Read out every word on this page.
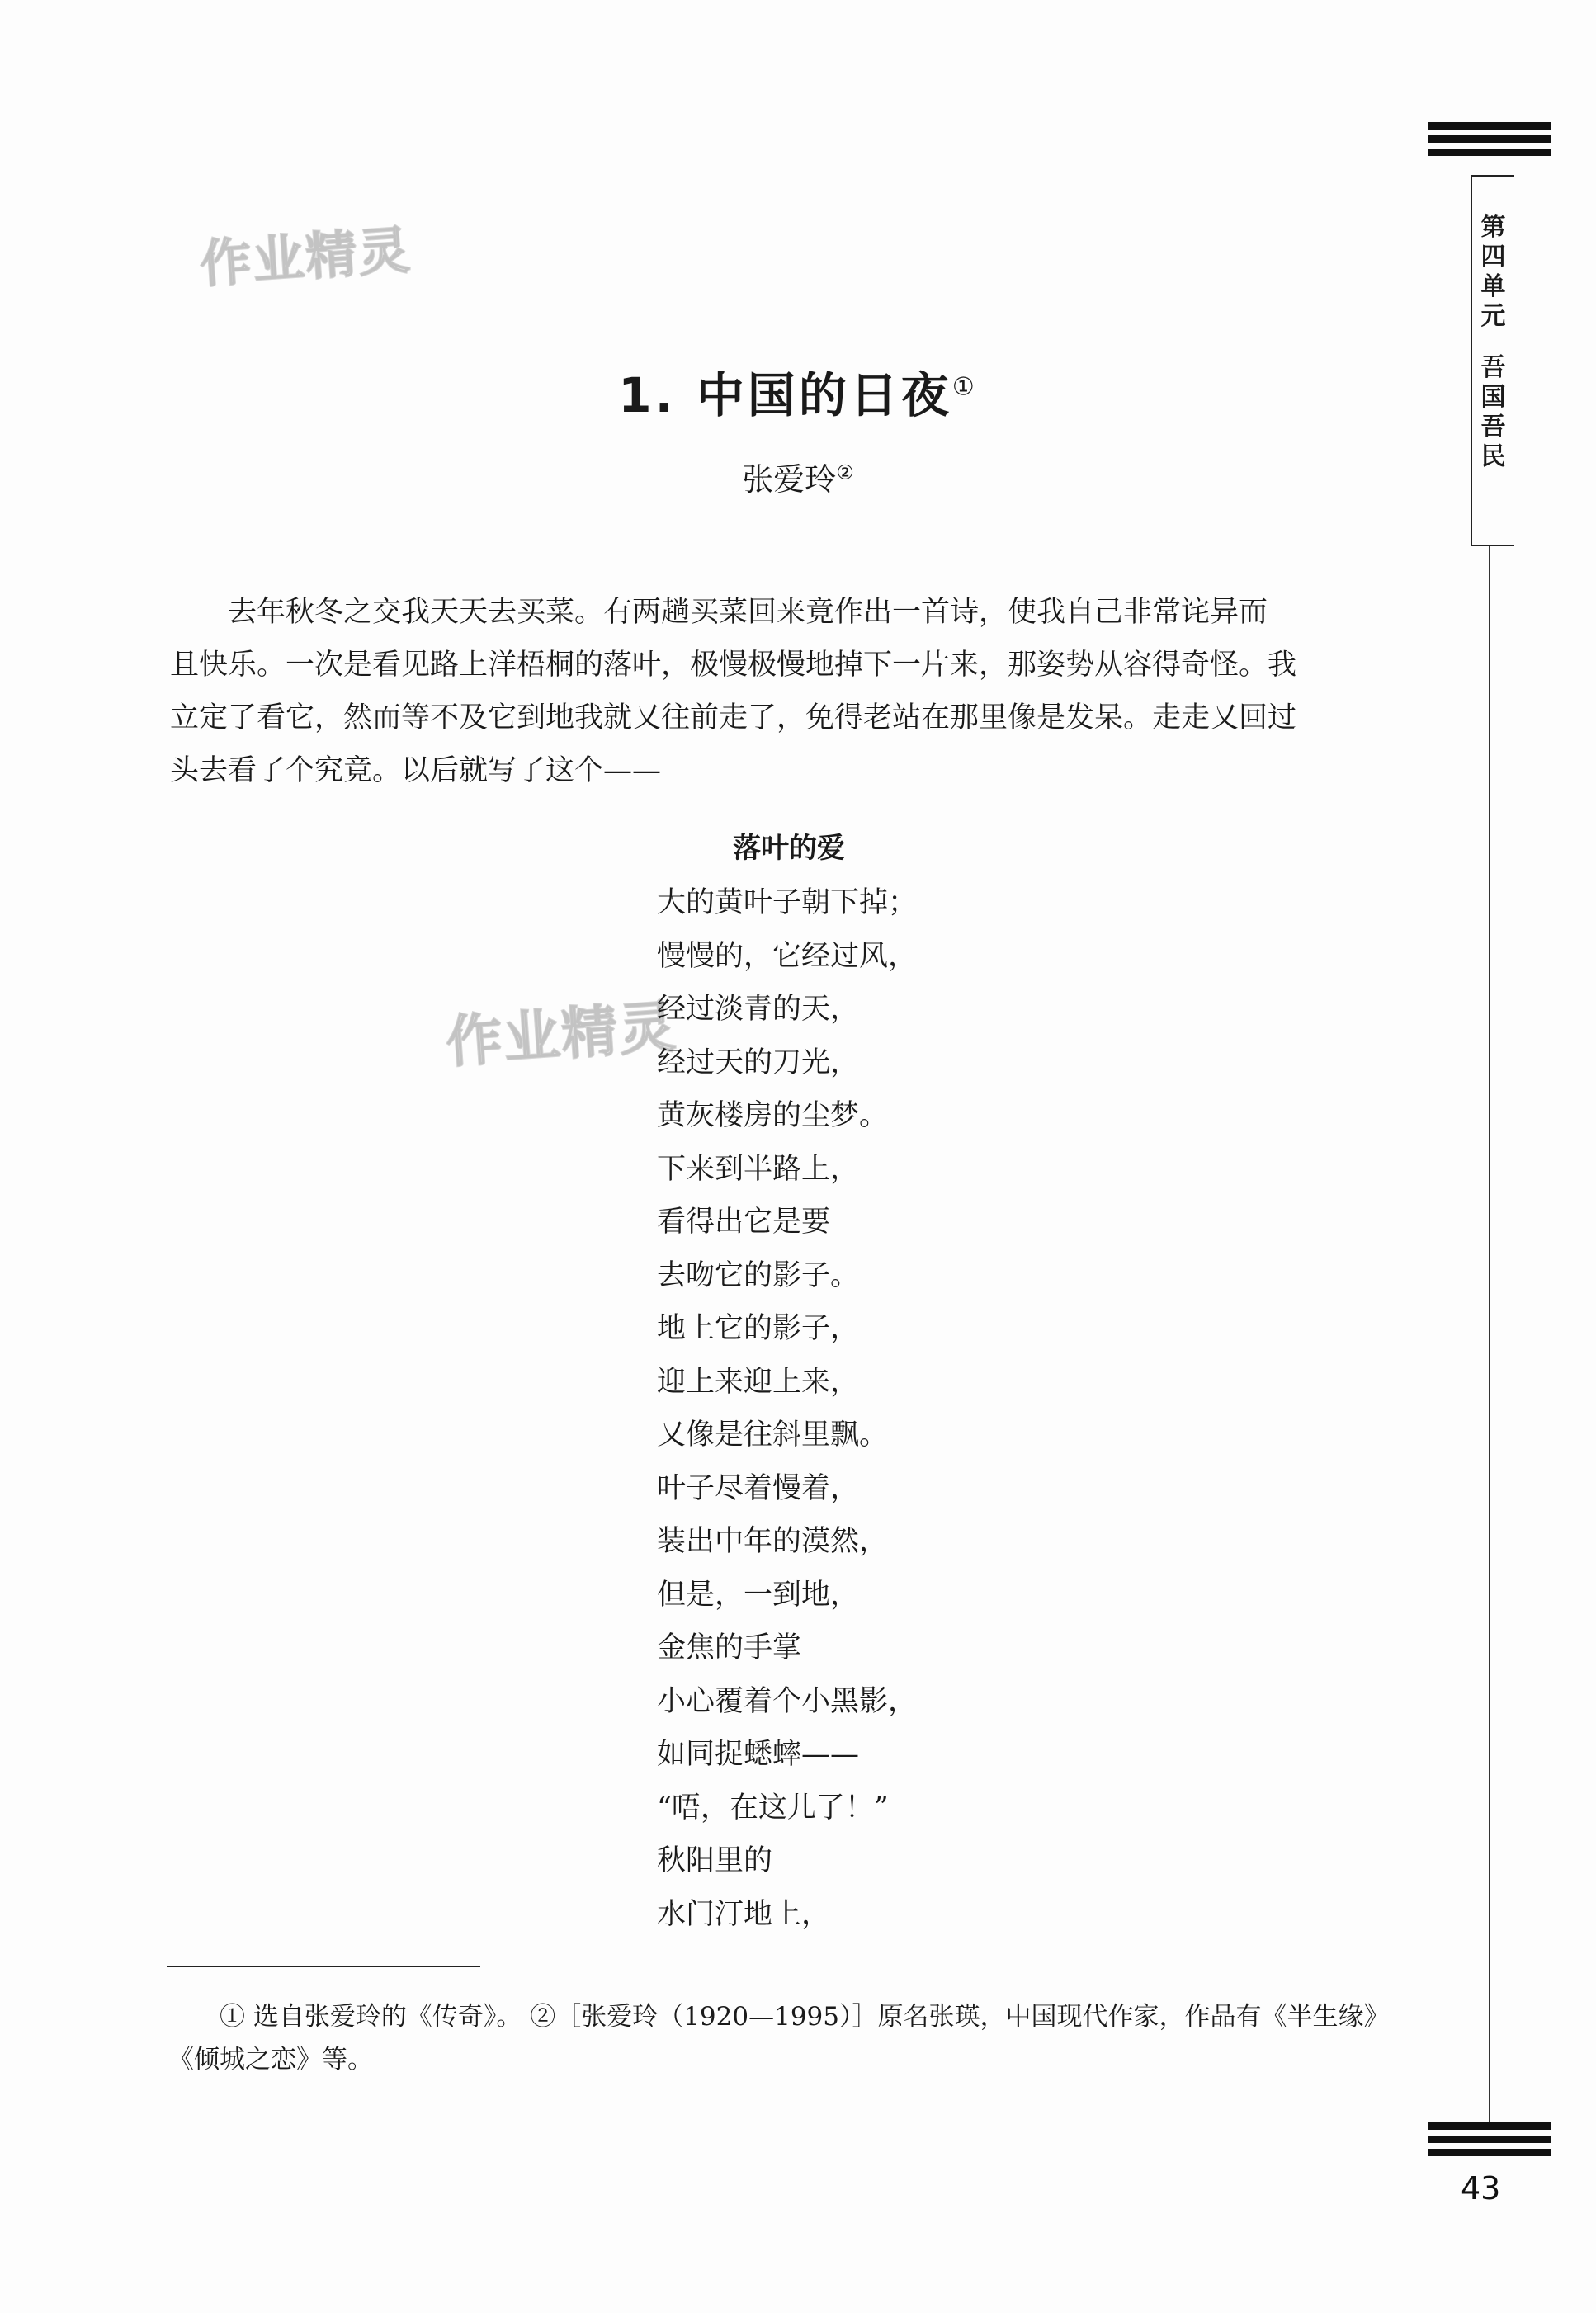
第四单元
吾国吾民
43
作业精灵
作业精灵
1. 中国的日夜①
张爱玲②
　　去年秋冬之交我天天去买菜。有两趟买菜回来竟作出一首诗，使我自己非常诧异而
且快乐。一次是看见路上洋梧桐的落叶，极慢极慢地掉下一片来，那姿势从容得奇怪。我
立定了看它，然而等不及它到地我就又往前走了，免得老站在那里像是发呆。走走又回过
头去看了个究竟。以后就写了这个——
落叶的爱
大的黄叶子朝下掉；
慢慢的，它经过风，
经过淡青的天，
经过天的刀光，
黄灰楼房的尘梦。
下来到半路上，
看得出它是要
去吻它的影子。
地上它的影子，
迎上来迎上来，
又像是往斜里飘。
叶子尽着慢着，
装出中年的漠然，
但是，一到地，
金焦的手掌
小心覆着个小黑影，
如同捉蟋蟀——
“唔，在这儿了！”
秋阳里的
水门汀地上，
　　① 选自张爱玲的《传奇》。 ②［张爱玲（1920—1995）］原名张瑛，中国现代作家，作品有《半生缘》
《倾城之恋》等。
